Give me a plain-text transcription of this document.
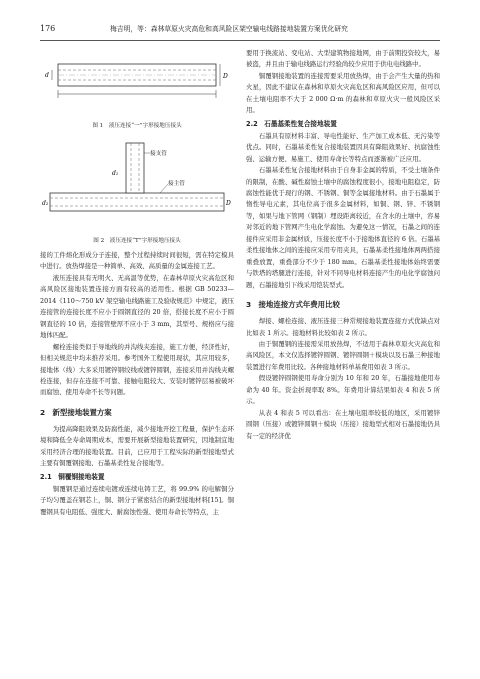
176	梅吉明，等：森林草原火灾高危和高风险区架空输电线路接地装置方案优化研究
D
d
图 1　液压连接“一”字形接地压接头
接支管
接主管
d₁
d₂	D
图 2　液压连接“T”字形接地压接头

接的工件熔化形成分子连接，整个过程持续时间很短，需在特定模具中进行。放热焊接是一种简单、高效、高质量的金属连接工艺。

液压连接具有无明火、无高温等优势，在森林草原火灾高危区和高风险区接地装置连接方面有较高的适用性。根据 GB 50233—2014《110～750 kV 架空输电线路施工及验收规范》中规定，液压连接管的连接长度不应小于圆钢直径的 20 倍，搭接长度不应小于圆钢直径的 10 倍，连接管壁厚不应小于 3 mm，其型号、规格应与接地体匹配。

螺栓连接类似于导地线的并沟线夹连接，施工方便，经济性好，但相关规范中均未推荐采用。参考国外工程使用现状，其应用较多，接地体（线）大多采用镀锌钢绞线或镀锌圆钢，连接采用并沟线夹螺栓连接，但存在连接不可靠、接触电阻较大、安装时镀锌层易被破坏而腐蚀、使用寿命不长等问题。

2　新型接地装置方案

为提高降阻效果及防腐性能，减少接地开挖工程量，保护生态环境和降低全寿命周期成本，需要开展新型接地装置研究，因地制宜地采用经济合理的接地装置。目前，已应用于工程实际的新型接地型式主要有铜覆钢接地、石墨基柔性复合接地等。

2.1　铜覆钢接地装置

铜覆钢是通过连续电镀或连续电铸工艺，将 99.9% 的电解铜分子均匀覆盖在钢芯上，铜、钢分子紧密结合的新型接地材料[15]。铜覆钢具有电阻低、强度大、耐腐蚀性强、使用寿命长等特点，主

要用于换流站、变电站、大型建筑物接地网，由于前期投资较大，易被盗，并且由于输电线路运行经验尚较少应用于供电电线路中。

铜覆钢接地装置的连接需要采用放热焊，由于会产生大量的热和火星，因此不建议在森林和草原火灾高危区和高风险区应用，但可以在土壤电阻率不大于 2 000 Ω·m 的森林和草原火灾一般风险区采用。

2.2　石墨基柔性复合接地装置

石墨具有原材料丰富、导电性能好、生产加工成本低、无污染等优点。同时，石墨基柔性复合接地装置因具有降阻效果好、抗腐蚀性强、运输方便、易施工、使用寿命长等特点而逐渐被广泛应用。

石墨基柔性复合接地材料由于自身非金属的特质，不受土壤条件的限制，在酸、碱性腐蚀土壤中的腐蚀程度很小，接地电阻稳定，防腐蚀性能优于现行的钢、不锈钢、铜等金属接地材料。由于石墨属于惰性导电元素，其电位高于很多金属材料，如铜、钢、锌、不锈钢等，如果与地下管网（钢制）埋设距离较近，在含水的土壤中，容易对邻近的地下管网产生电化学腐蚀。为避免这一情况，石墨之间的连接件应采用非金属材质，压接长度不小于接地体直径的 6 倍。石墨基柔性接地体之间的连接应采用专用夹具，石墨基柔性接地体两两搭接重叠放置，重叠部分不少于 180 mm。石墨基柔性接地体始终需要与铁塔的塔腿进行连接，针对不同导电材料连接产生的电化学腐蚀问题，石墨接地引下线采用铠装型式。

3　接地连接方式年费用比较

焊接、螺栓连接、液压连接三种常规接地装置连接方式优缺点对比如表 1 所示。接地材料比较如表 2 所示。

由于铜覆钢的连接需采用放热焊，不适用于森林草原火灾高危和高风险区，本文仅选择镀锌圆钢、镀锌圆钢＋模块以及石墨三种接地装置进行年费用比较。各种接地材料单基费用如表 3 所示。

假设镀锌圆钢使用寿命分别为 10 年和 20 年，石墨接地使用寿命为 40 年。资金折现率取 8%。年费用计算结果如表 4 和表 5 所示。

从表 4 和表 5 可以看出：在土壤电阻率较低的地区，采用镀锌圆钢（压接）或镀锌圆钢＋模块（压接）接地型式相对石墨接地仍具有一定的经济优
